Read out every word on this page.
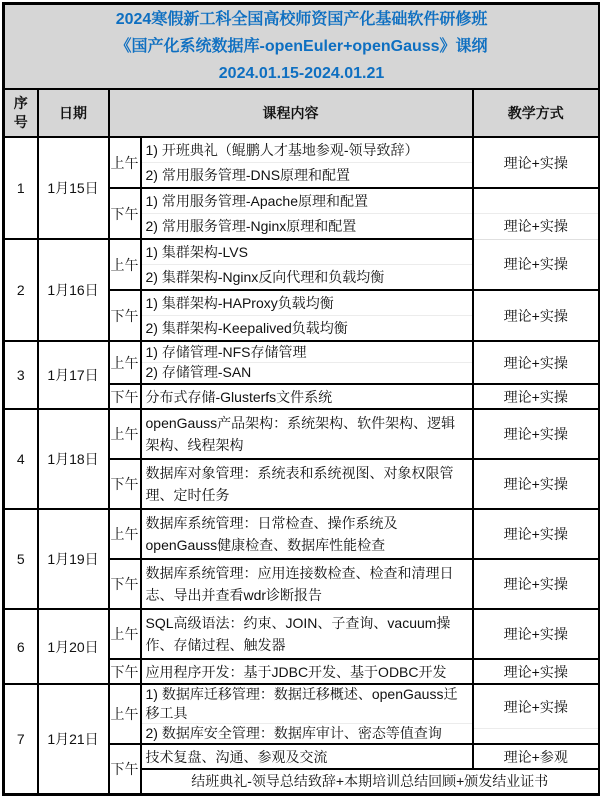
2024寒假新工科全国高校师资国产化基础软件研修班
《国产化系统数据库-openEuler+openGauss》课纲
2024.01.15-2024.01.21				

序号	日期	课程内容		教学方式
1	1月15日	上午	1) 开班典礼（鲲鹏人才基地参观-领导致辞）
2) 常用服务管理-DNS原理和配置	理论+实操
		下午	1) 常用服务管理-Apache原理和配置
2) 常用服务管理-Nginx原理和配置	理论+实操

2	1月16日	上午	1) 集群架构-LVS
2) 集群架构-Nginx反向代理和负载均衡	理论+实操
		下午	1) 集群架构-HAProxy负载均衡
2) 集群架构-Keepalived负载均衡	理论+实操
3	1月17日	上午	1) 存储管理-NFS存储管理
2) 存储管理-SAN	理论+实操
		下午	分布式存储-Glusterfs文件系统	理论+实操
4	1月18日	上午	openGauss产品架构：系统架构、软件架构、逻辑架构、线程架构	理论+实操
		下午	数据库对象管理：系统表和系统视图、对象权限管理、定时任务	理论+实操
5	1月19日	上午	数据库系统管理：日常检查、操作系统及openGauss健康检查、数据库性能检查	理论+实操
		下午	数据库系统管理：应用连接数检查、检查和清理日志、导出并查看wdr诊断报告	理论+实操
6	1月20日	上午	SQL高级语法：约束、JOIN、子查询、vacuum操作、存储过程、触发器	理论+实操
		下午	应用程序开发：基于JDBC开发、基于ODBC开发	理论+实操
7	1月21日	上午	1) 数据库迁移管理：数据迁移概述、openGauss迁移工具
2) 数据库安全管理：数据库审计、密态等值查询	理论+实操

		下午	技术复盘、沟通、参观及交流	理论+参观
			结班典礼-领导总结致辞+本期培训总结回顾+颁发结业证书	
